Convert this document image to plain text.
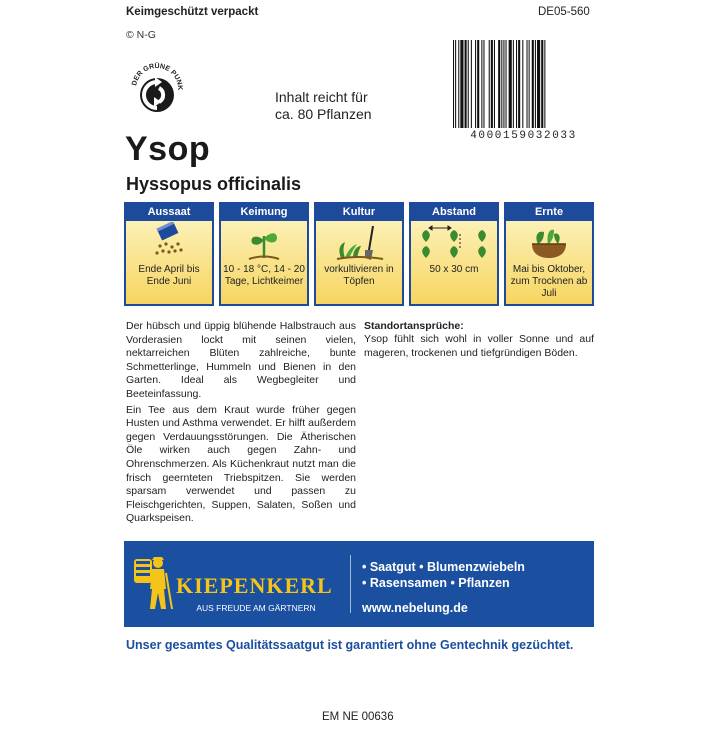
Keimgeschützt verpackt	DE05-560
© N-G
DER GRÜNE PUNK
Inhalt reicht für
ca. 80 Pflanzen
4000159032033
Ysop
Hyssopus officinalis
Aussaat
Ende April bis Ende Juni
Keimung
10 - 18 °C, 14 - 20 Tage, Lichtkeimer
Kultur
vorkultivieren in Töpfen
Abstand
50 x 30 cm
Ernte
Mai bis Oktober, zum Trocknen ab Juli

Der hübsch und üppig blühende Halbstrauch aus Vorderasien lockt mit seinen vielen, nektarreichen Blüten zahlreiche, bunte Schmetterlinge, Hummeln und Bienen in den Garten. Ideal als Wegbegleiter und Beeteinfassung.

Ein Tee aus dem Kraut wurde früher gegen Husten und Asthma verwendet. Er hilft außerdem gegen Verdauungsstörungen. Die Ätherischen Öle wirken auch gegen Zahn- und Ohrenschmerzen. Als Küchenkraut nutzt man die frisch geernteten Triebspitzen. Sie werden sparsam verwendet und passen zu Fleischgerichten, Suppen, Salaten, Soßen und Quarkspeisen.

Standortansprüche:
Ysop fühlt sich wohl in voller Sonne und auf mageren, trockenen und tiefgründigen Böden.
KIEPENKERL
AUS FREUDE AM GÄRTNERN
• Saatgut • Blumenzwiebeln
• Rasensamen • Pflanzen
www.nebelung.de
Unser gesamtes Qualitätssaatgut ist garantiert ohne Gentechnik gezüchtet.
EM NE 00636
